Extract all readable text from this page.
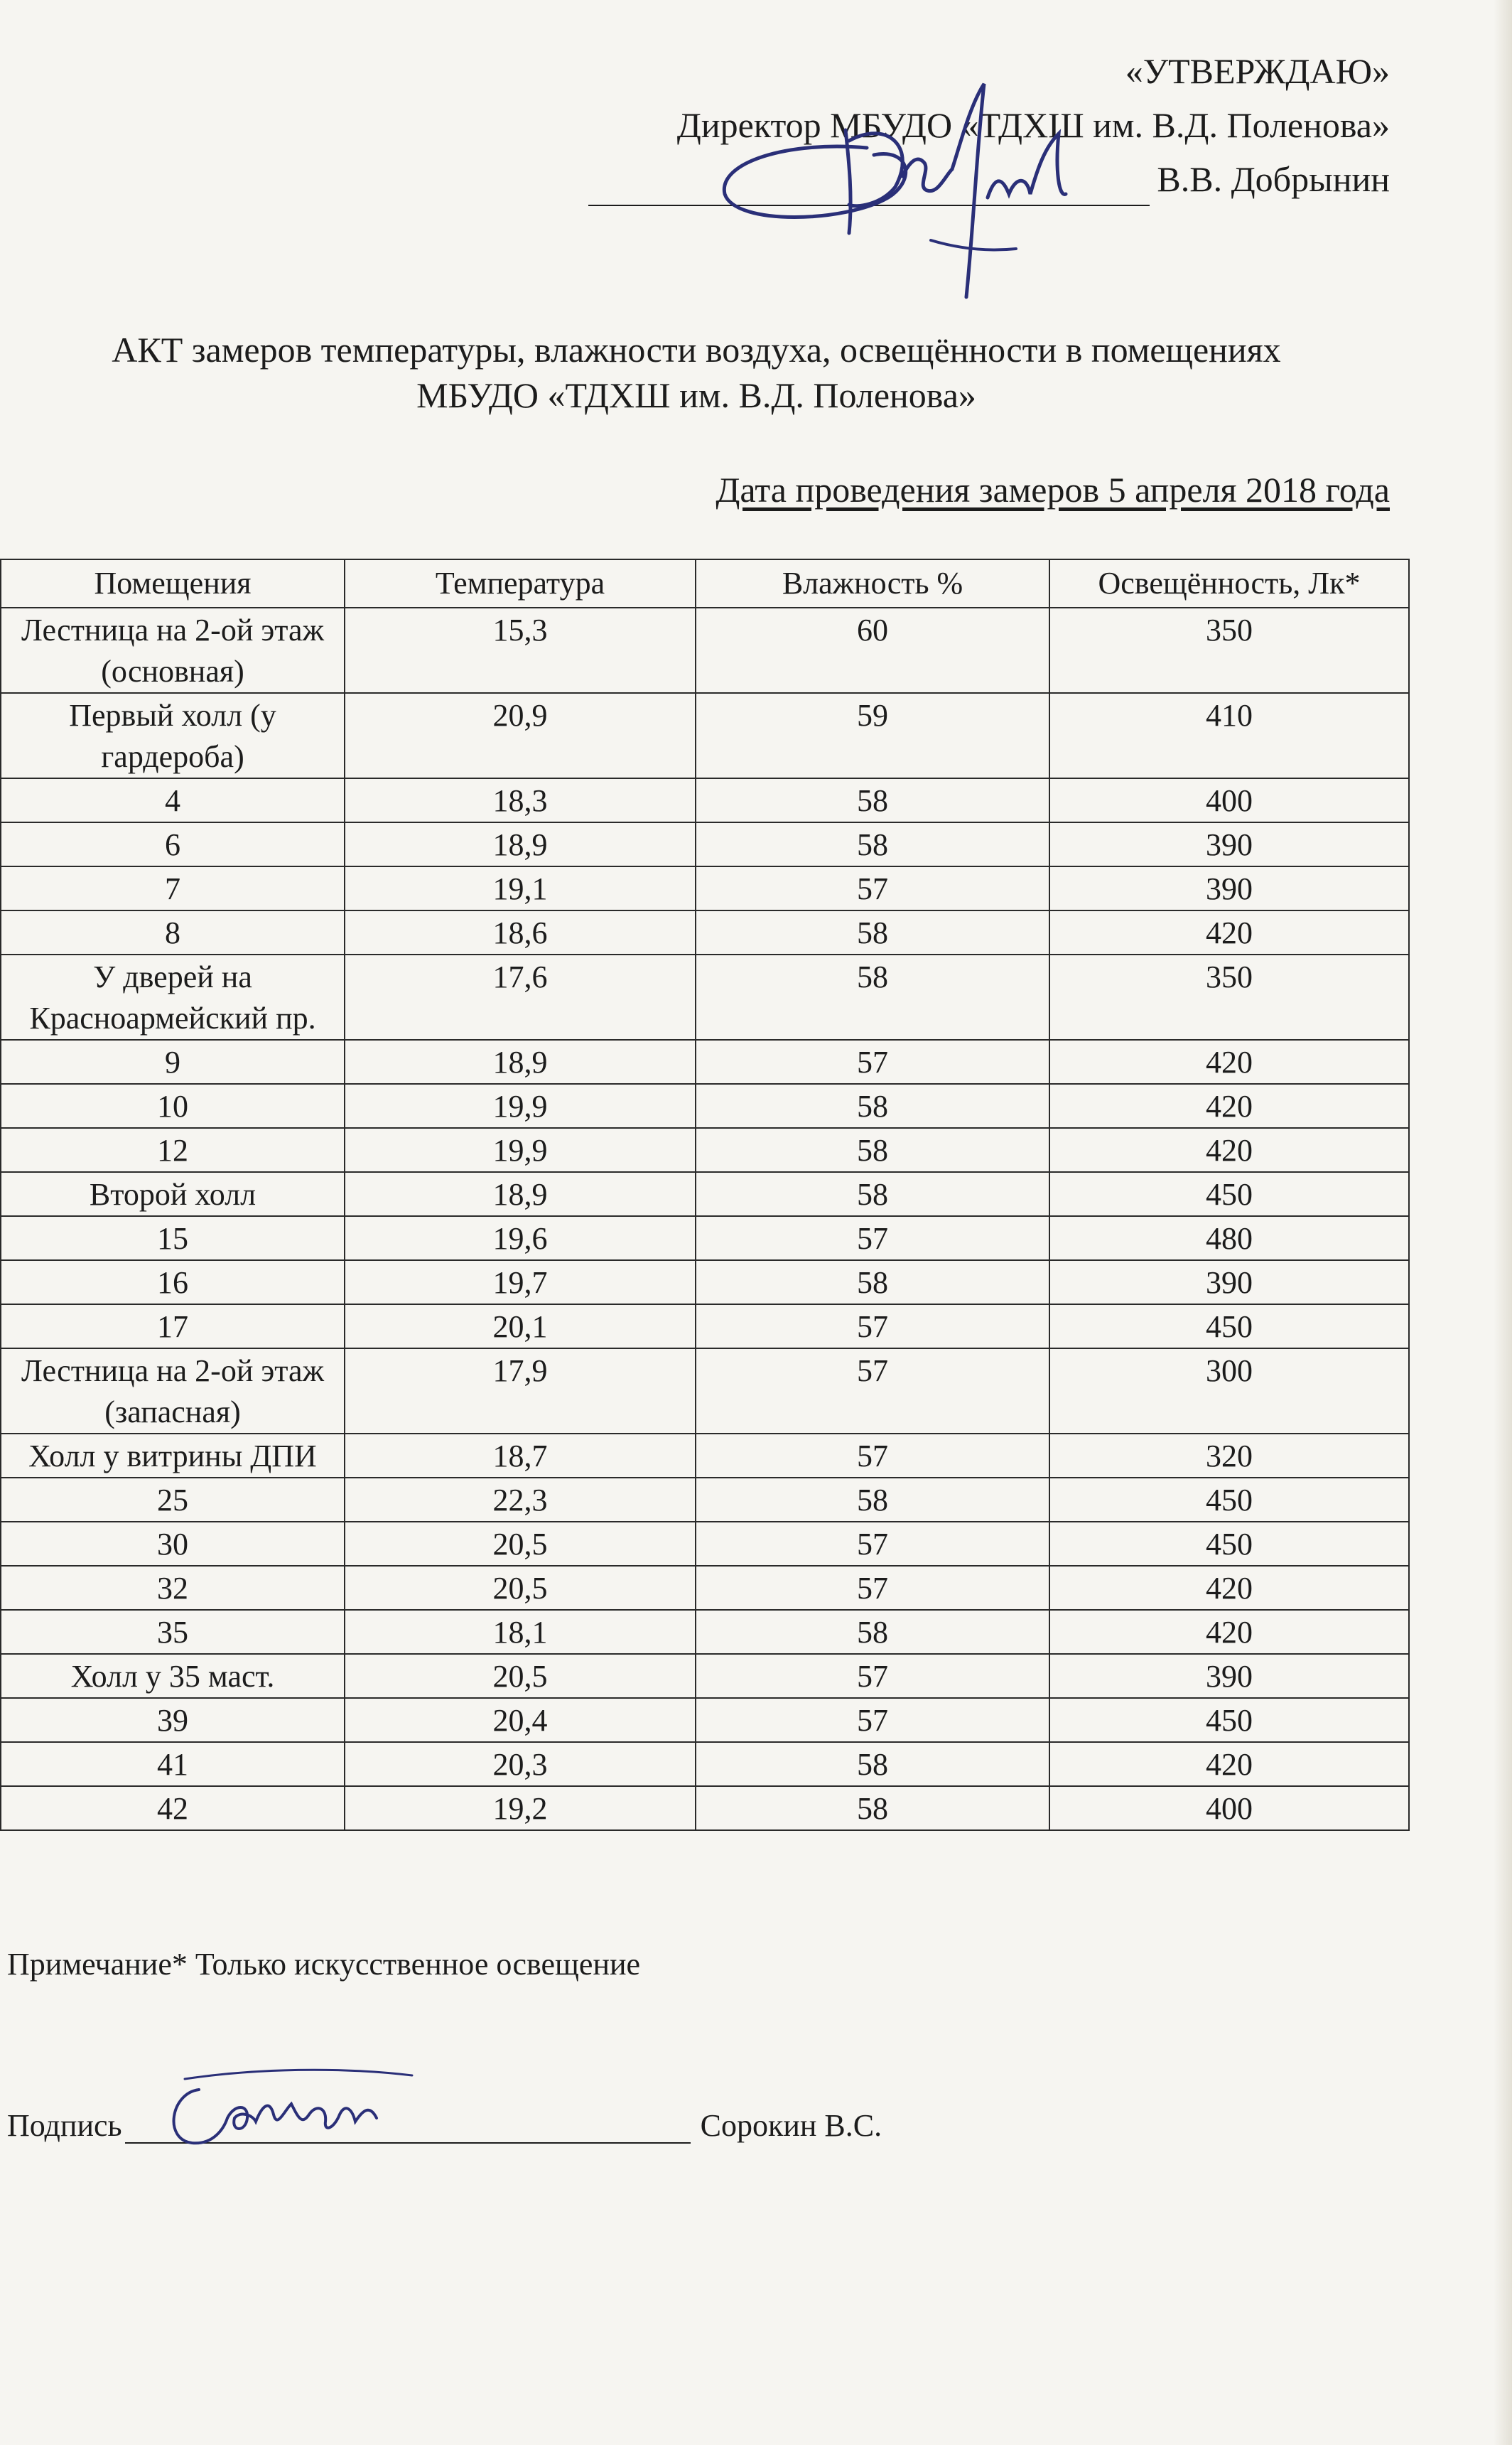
«УТВЕРЖДАЮ»
Директор МБУДО «ТДХШ им. В.Д. Поленова»
В.В. Добрынин
АКТ замеров температуры, влажности воздуха, освещённости в помещениях
МБУДО «ТДХШ им. В.Д. Поленова»
Дата проведения замеров 5 апреля 2018 года
Помещения	Температура	Влажность %	Освещённость, Лк*
Лестница на 2-ой этаж (основная)	15,3	60	350
Первый холл (у гардероба)	20,9	59	410
4	18,3	58	400
6	18,9	58	390
7	19,1	57	390
8	18,6	58	420
У дверей на Красноармейский пр.	17,6	58	350
9	18,9	57	420
10	19,9	58	420
12	19,9	58	420
Второй холл	18,9	58	450
15	19,6	57	480
16	19,7	58	390
17	20,1	57	450
Лестница на 2-ой этаж (запасная)	17,9	57	300
Холл у витрины ДПИ	18,7	57	320
25	22,3	58	450
30	20,5	57	450
32	20,5	57	420
35	18,1	58	420
Холл у 35 маст.	20,5	57	390
39	20,4	57	450
41	20,3	58	420
42	19,2	58	400
Примечание* Только искусственное освещение
Подпись	Сорокин В.С.
